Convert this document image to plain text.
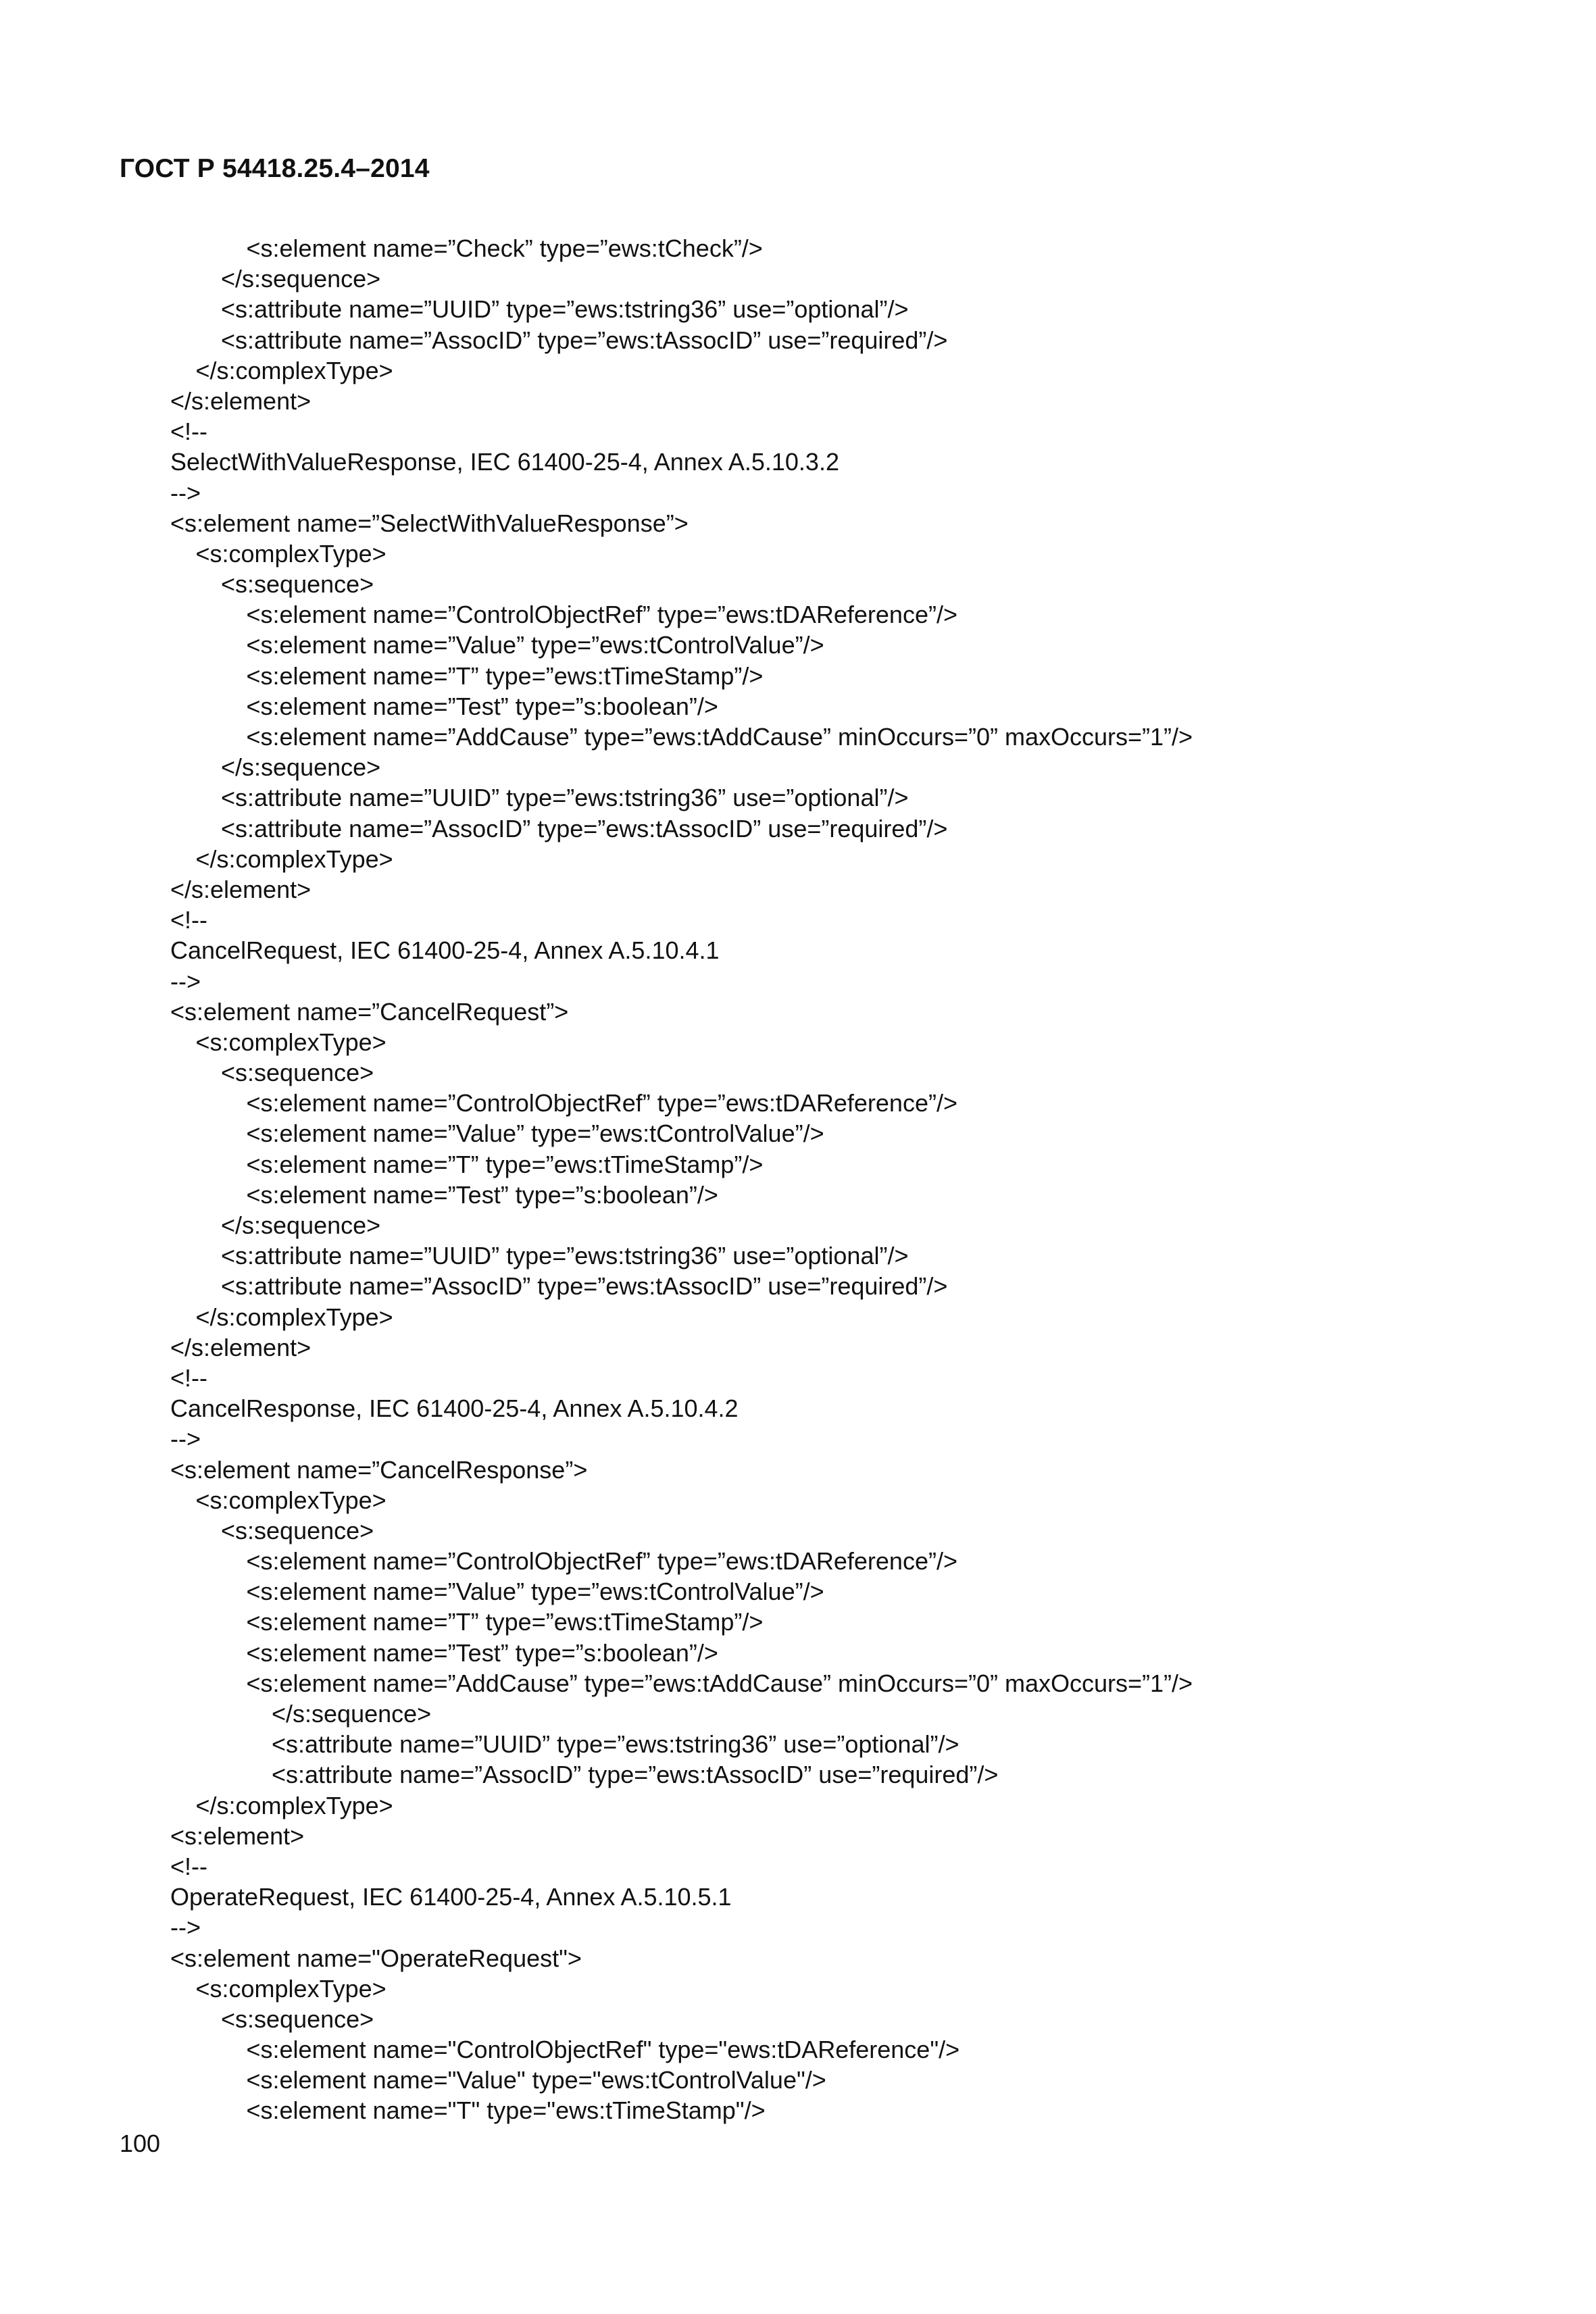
ГОСТ Р 54418.25.4–2014
<s:element name=”Check” type=”ews:tCheck”/>
</s:sequence>
<s:attribute name=”UUID” type=”ews:tstring36” use=”optional”/>
<s:attribute name=”AssocID” type=”ews:tAssocID” use=”required”/>
</s:complexType>
</s:element>
<!--
SelectWithValueResponse, IEC 61400-25-4, Annex A.5.10.3.2
-->
<s:element name=”SelectWithValueResponse”>
<s:complexType>
<s:sequence>
<s:element name=”ControlObjectRef” type=”ews:tDAReference”/>
<s:element name=”Value” type=”ews:tControlValue”/>
<s:element name=”T” type=”ews:tTimeStamp”/>
<s:element name=”Test” type=”s:boolean”/>
<s:element name=”AddCause” type=”ews:tAddCause” minOccurs=”0” maxOccurs=”1”/>
</s:sequence>
<s:attribute name=”UUID” type=”ews:tstring36” use=”optional”/>
<s:attribute name=”AssocID” type=”ews:tAssocID” use=”required”/>
</s:complexType>
</s:element>
<!--
CancelRequest, IEC 61400-25-4, Annex A.5.10.4.1
-->
<s:element name=”CancelRequest”>
<s:complexType>
<s:sequence>
<s:element name=”ControlObjectRef” type=”ews:tDAReference”/>
<s:element name=”Value” type=”ews:tControlValue”/>
<s:element name=”T” type=”ews:tTimeStamp”/>
<s:element name=”Test” type=”s:boolean”/>
</s:sequence>
<s:attribute name=”UUID” type=”ews:tstring36” use=”optional”/>
<s:attribute name=”AssocID” type=”ews:tAssocID” use=”required”/>
</s:complexType>
</s:element>
<!--
CancelResponse, IEC 61400-25-4, Annex A.5.10.4.2
-->
<s:element name=”CancelResponse”>
<s:complexType>
<s:sequence>
<s:element name=”ControlObjectRef” type=”ews:tDAReference”/>
<s:element name=”Value” type=”ews:tControlValue”/>
<s:element name=”T” type=”ews:tTimeStamp”/>
<s:element name=”Test” type=”s:boolean”/>
<s:element name=”AddCause” type=”ews:tAddCause” minOccurs=”0” maxOccurs=”1”/>
</s:sequence>
<s:attribute name=”UUID” type=”ews:tstring36” use=”optional”/>
<s:attribute name=”AssocID” type=”ews:tAssocID” use=”required”/>
</s:complexType>
<s:element>
<!--
OperateRequest, IEC 61400-25-4, Annex A.5.10.5.1
-->
<s:element name="OperateRequest">
<s:complexType>
<s:sequence>
<s:element name="ControlObjectRef" type="ews:tDAReference"/>
<s:element name="Value" type="ews:tControlValue"/>
<s:element name="T" type="ews:tTimeStamp"/>
100
